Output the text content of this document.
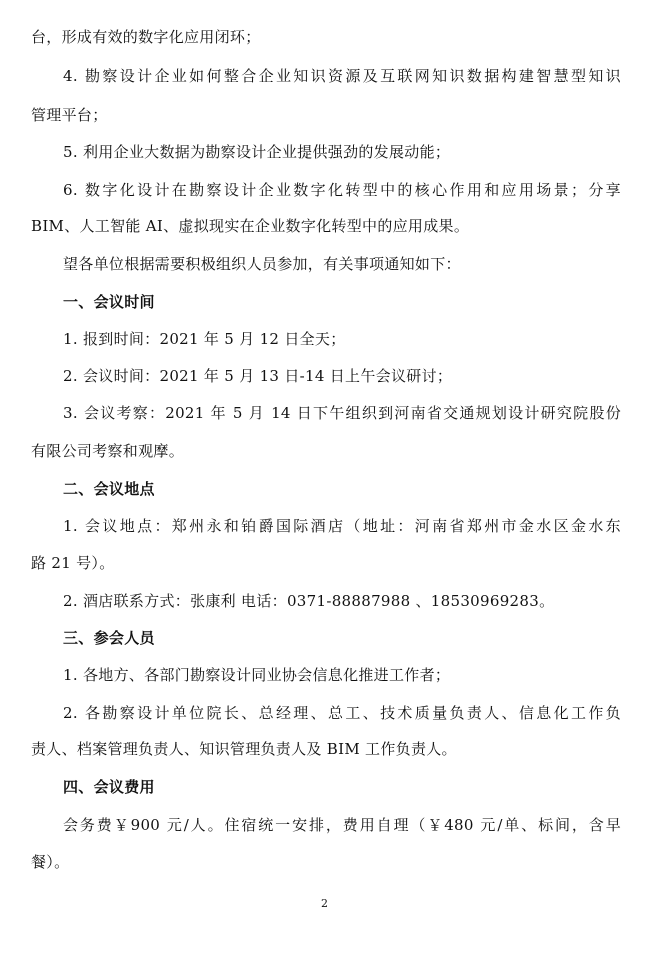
台，形成有效的数字化应用闭环；
4. 勘察设计企业如何整合企业知识资源及互联网知识数据构建智慧型知识
管理平台；
5. 利用企业大数据为勘察设计企业提供强劲的发展动能；
6. 数字化设计在勘察设计企业数字化转型中的核心作用和应用场景；分享
BIM、人工智能 AI、虚拟现实在企业数字化转型中的应用成果。
望各单位根据需要积极组织人员参加，有关事项通知如下：
一、会议时间
1. 报到时间：2021 年 5 月 12 日全天；
2. 会议时间：2021 年 5 月 13 日-14 日上午会议研讨；
3. 会议考察：2021 年 5 月 14 日下午组织到河南省交通规划设计研究院股份
有限公司考察和观摩。
二、会议地点
1. 会议地点：郑州永和铂爵国际酒店（地址：河南省郑州市金水区金水东
路 21 号）。
2. 酒店联系方式：张康利 电话：0371-88887988 、18530969283。
三、参会人员
1. 各地方、各部门勘察设计同业协会信息化推进工作者；
2. 各勘察设计单位院长、总经理、总工、技术质量负责人、信息化工作负
责人、档案管理负责人、知识管理负责人及 BIM 工作负责人。
四、会议费用
会务费￥900 元/人。住宿统一安排，费用自理（￥480 元/单、标间，含早
餐）。
2
